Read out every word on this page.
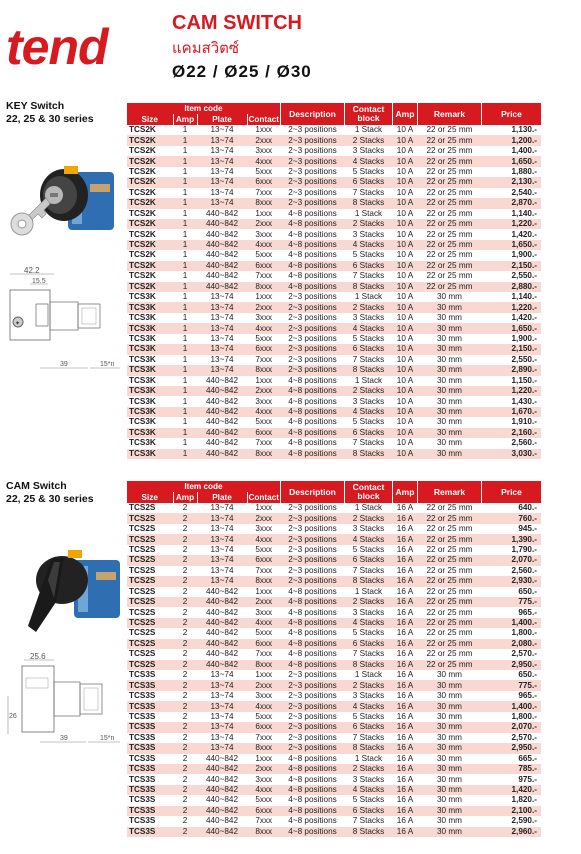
tend	CAM SWITCH
แคมสวิตซ์
Ø22 / Ø25 / Ø30
KEY Switch
22, 25 & 30 series
42.2
15.5
✦
39	15*n
CAM Switch
22, 25 & 30 series
25.6
26
39	15*n
Item code				Description	Contact block	Amp	Remark	Price
Size	Amp	Plate	Contact					
TCS2K	1	13~74	1xxx	2~3 positions	1 Stack	10 A	22 or 25 mm	1,130.-
TCS2K	1	13~74	2xxx	2~3 positions	2 Stacks	10 A	22 or 25 mm	1,200.-
TCS2K	1	13~74	3xxx	2~3 positions	3 Stacks	10 A	22 or 25 mm	1,400.-
TCS2K	1	13~74	4xxx	2~3 positions	4 Stacks	10 A	22 or 25 mm	1,650.-
TCS2K	1	13~74	5xxx	2~3 positions	5 Stacks	10 A	22 or 25 mm	1,880.-
TCS2K	1	13~74	6xxx	2~3 positions	6 Stacks	10 A	22 or 25 mm	2,130.-
TCS2K	1	13~74	7xxx	2~3 positions	7 Stacks	10 A	22 or 25 mm	2,540.-
TCS2K	1	13~74	8xxx	2~3 positions	8 Stacks	10 A	22 or 25 mm	2,870.-
TCS2K	1	440~842	1xxx	4~8 positions	1 Stack	10 A	22 or 25 mm	1,140.-
TCS2K	1	440~842	2xxx	4~8 positions	2 Stacks	10 A	22 or 25 mm	1,220.-
TCS2K	1	440~842	3xxx	4~8 positions	3 Stacks	10 A	22 or 25 mm	1,420.-
TCS2K	1	440~842	4xxx	4~8 positions	4 Stacks	10 A	22 or 25 mm	1,650.-
TCS2K	1	440~842	5xxx	4~8 positions	5 Stacks	10 A	22 or 25 mm	1,900.-
TCS2K	1	440~842	6xxx	4~8 positions	6 Stacks	10 A	22 or 25 mm	2,150.-
TCS2K	1	440~842	7xxx	4~8 positions	7 Stacks	10 A	22 or 25 mm	2,550.-
TCS2K	1	440~842	8xxx	4~8 positions	8 Stacks	10 A	22 or 25 mm	2,880.-
TCS3K	1	13~74	1xxx	2~3 positions	1 Stack	10 A	30 mm	1,140.-
TCS3K	1	13~74	2xxx	2~3 positions	2 Stacks	10 A	30 mm	1,220.-
TCS3K	1	13~74	3xxx	2~3 positions	3 Stacks	10 A	30 mm	1,420.-
TCS3K	1	13~74	4xxx	2~3 positions	4 Stacks	10 A	30 mm	1,650.-
TCS3K	1	13~74	5xxx	2~3 positions	5 Stacks	10 A	30 mm	1,900.-
TCS3K	1	13~74	6xxx	2~3 positions	6 Stacks	10 A	30 mm	2,150.-
TCS3K	1	13~74	7xxx	2~3 positions	7 Stacks	10 A	30 mm	2,550.-
TCS3K	1	13~74	8xxx	2~3 positions	8 Stacks	10 A	30 mm	2,890.-
TCS3K	1	440~842	1xxx	4~8 positions	1 Stack	10 A	30 mm	1,150.-
TCS3K	1	440~842	2xxx	4~8 positions	2 Stacks	10 A	30 mm	1,220.-
TCS3K	1	440~842	3xxx	4~8 positions	3 Stacks	10 A	30 mm	1,430.-
TCS3K	1	440~842	4xxx	4~8 positions	4 Stacks	10 A	30 mm	1,670.-
TCS3K	1	440~842	5xxx	4~8 positions	5 Stacks	10 A	30 mm	1,910.-
TCS3K	1	440~842	6xxx	4~8 positions	6 Stacks	10 A	30 mm	2,160.-
TCS3K	1	440~842	7xxx	4~8 positions	7 Stacks	10 A	30 mm	2,560.-
TCS3K	1	440~842	8xxx	4~8 positions	8 Stacks	10 A	30 mm	3,030.-
Item code				Description	Contact block	Amp	Remark	Price
Size	Amp	Plate	Contact					
TCS2S	2	13~74	1xxx	2~3 positions	1 Stack	16 A	22 or 25 mm	640.-
TCS2S	2	13~74	2xxx	2~3 positions	2 Stacks	16 A	22 or 25 mm	760.-
TCS2S	2	13~74	3xxx	2~3 positions	3 Stacks	16 A	22 or 25 mm	945.-
TCS2S	2	13~74	4xxx	2~3 positions	4 Stacks	16 A	22 or 25 mm	1,390.-
TCS2S	2	13~74	5xxx	2~3 positions	5 Stacks	16 A	22 or 25 mm	1,790.-
TCS2S	2	13~74	6xxx	2~3 positions	6 Stacks	16 A	22 or 25 mm	2,070.-
TCS2S	2	13~74	7xxx	2~3 positions	7 Stacks	16 A	22 or 25 mm	2,560.-
TCS2S	2	13~74	8xxx	2~3 positions	8 Stacks	16 A	22 or 25 mm	2,930.-
TCS2S	2	440~842	1xxx	4~8 positions	1 Stack	16 A	22 or 25 mm	650.-
TCS2S	2	440~842	2xxx	4~8 positions	2 Stacks	16 A	22 or 25 mm	775.-
TCS2S	2	440~842	3xxx	4~8 positions	3 Stacks	16 A	22 or 25 mm	965.-
TCS2S	2	440~842	4xxx	4~8 positions	4 Stacks	16 A	22 or 25 mm	1,400.-
TCS2S	2	440~842	5xxx	4~8 positions	5 Stacks	16 A	22 or 25 mm	1,800.-
TCS2S	2	440~842	6xxx	4~8 positions	6 Stacks	16 A	22 or 25 mm	2,080.-
TCS2S	2	440~842	7xxx	4~8 positions	7 Stacks	16 A	22 or 25 mm	2,570.-
TCS2S	2	440~842	8xxx	4~8 positions	8 Stacks	16 A	22 or 25 mm	2,950.-
TCS3S	2	13~74	1xxx	2~3 positions	1 Stack	16 A	30 mm	650.-
TCS3S	2	13~74	2xxx	2~3 positions	2 Stacks	16 A	30 mm	775.-
TCS3S	2	13~74	3xxx	2~3 positions	3 Stacks	16 A	30 mm	965.-
TCS3S	2	13~74	4xxx	2~3 positions	4 Stacks	16 A	30 mm	1,400.-
TCS3S	2	13~74	5xxx	2~3 positions	5 Stacks	16 A	30 mm	1,800.-
TCS3S	2	13~74	6xxx	2~3 positions	6 Stacks	16 A	30 mm	2,070.-
TCS3S	2	13~74	7xxx	2~3 positions	7 Stacks	16 A	30 mm	2,570.-
TCS3S	2	13~74	8xxx	2~3 positions	8 Stacks	16 A	30 mm	2,950.-
TCS3S	2	440~842	1xxx	4~8 positions	1 Stack	16 A	30 mm	665.-
TCS3S	2	440~842	2xxx	4~8 positions	2 Stacks	16 A	30 mm	785.-
TCS3S	2	440~842	3xxx	4~8 positions	3 Stacks	16 A	30 mm	975.-
TCS3S	2	440~842	4xxx	4~8 positions	4 Stacks	16 A	30 mm	1,420.-
TCS3S	2	440~842	5xxx	4~8 positions	5 Stacks	16 A	30 mm	1,820.-
TCS3S	2	440~842	6xxx	4~8 positions	6 Stacks	16 A	30 mm	2,100.-
TCS3S	2	440~842	7xxx	4~8 positions	7 Stacks	16 A	30 mm	2,590.-
TCS3S	2	440~842	8xxx	4~8 positions	8 Stacks	16 A	30 mm	2,960.-
